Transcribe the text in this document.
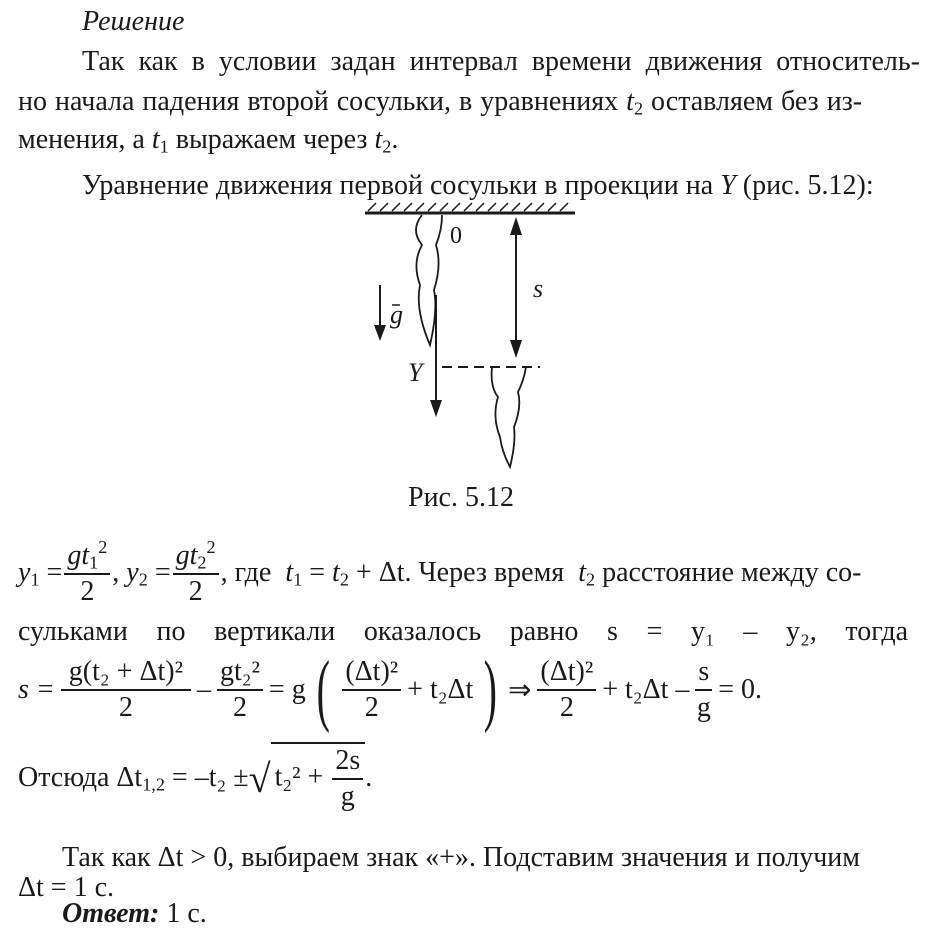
Решение
Так как в условии задан интервал времени движения относитель-
но начала падения второй сосульки, в уравнениях $t_2$ оставляем без из-
менения, а $t_1$ выражаем через $t_2$.
Уравнение движения первой сосульки в проекции на Y (рис. 5.12):
0
s
g
Y
Рис. 5.12
$y_1 = \frac{gt_1^2}{2}$ , $y_2 = \frac{gt_2^2}{2}$ , где  $t_1 = t_2 + \Delta t$. Через время  $t_2$ расстояние между со-
сульками по вертикали оказалось равно s = y₁ – y₂, тогда
$s = \frac{\text{g(t₂ + Δt)²}}{2} - \frac{\text{gt₂²}}{2} = g$ ( $\frac{\text{(Δt)²}}{2} + t_2\Delta t$ ) ⇒ $\frac{\text{(Δt)²}}{2} + t_2\Delta t - \frac{s}{g} = 0$.
Отсюда $\Delta t_{1,2} = -t_2$ ± √ $t_2^2 + \frac{2s}{g}$ .
Так как Δt > 0, выбираем знак «+». Подставим значения и получим
Δt = 1 с.
Ответ: 1 с.
